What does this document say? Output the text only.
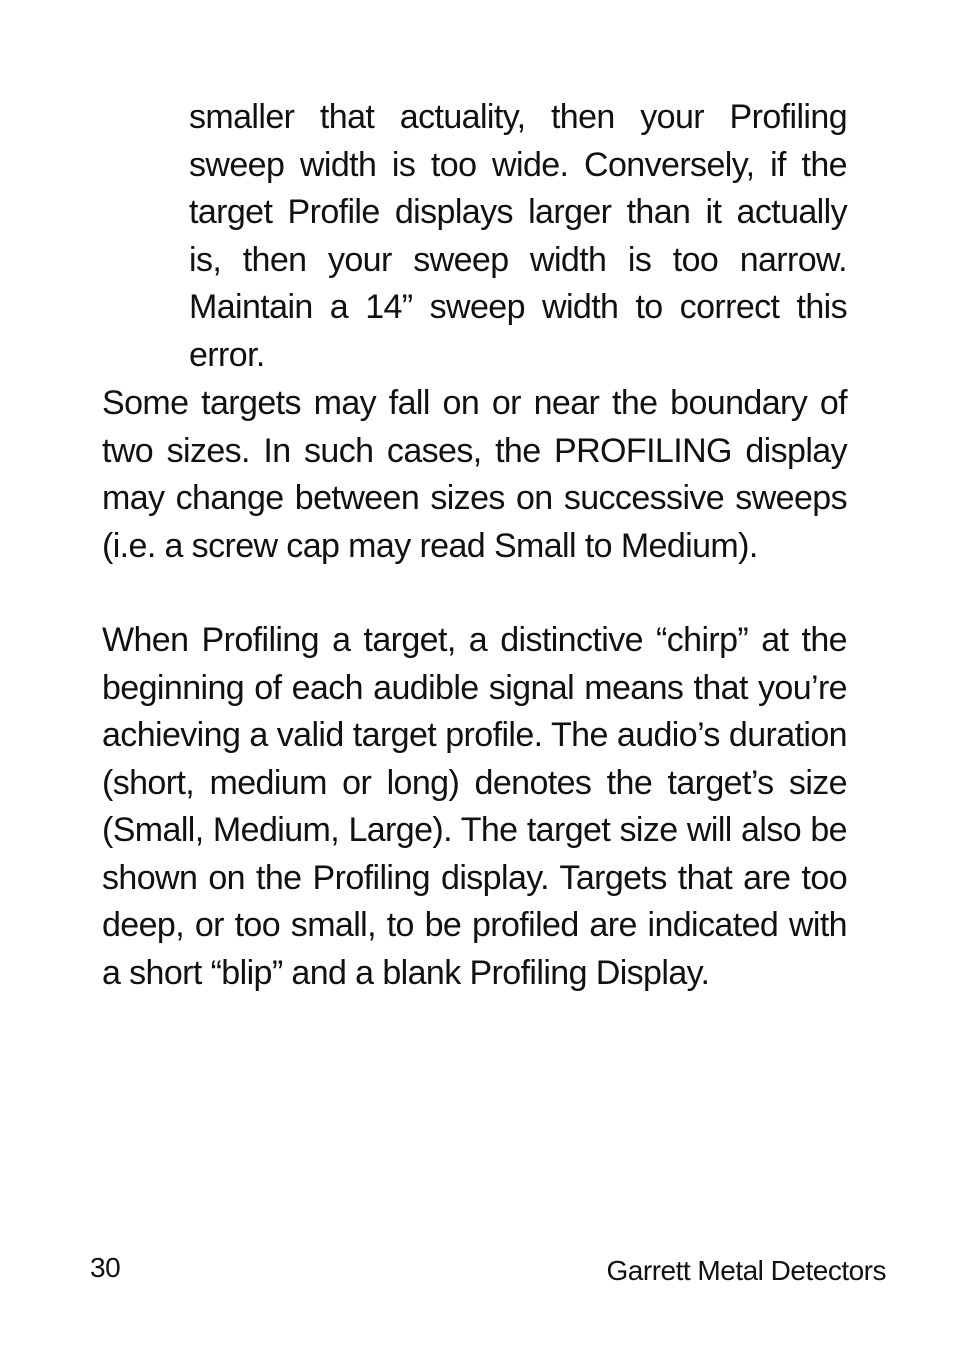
smaller that actuality, then your Profiling sweep width is too wide. Conversely, if the target Profile displays larger than it actually is, then your sweep width is too narrow. Maintain a 14” sweep width to correct this error.

Some targets may fall on or near the boundary of two sizes. In such cases, the PROFILING display may change between sizes on successive sweeps (i.e. a screw cap may read Small to Medium).

When Profiling a target, a distinctive “chirp” at the beginning of each audible signal means that you’re achieving a valid target profile. The audio’s duration (short, medium or long) denotes the target’s size (Small, Medium, Large). The target size will also be shown on the Profiling display. Targets that are too deep, or too small, to be profiled are indicated with a short “blip” and a blank Profiling Display.

30	Garrett Metal Detectors
